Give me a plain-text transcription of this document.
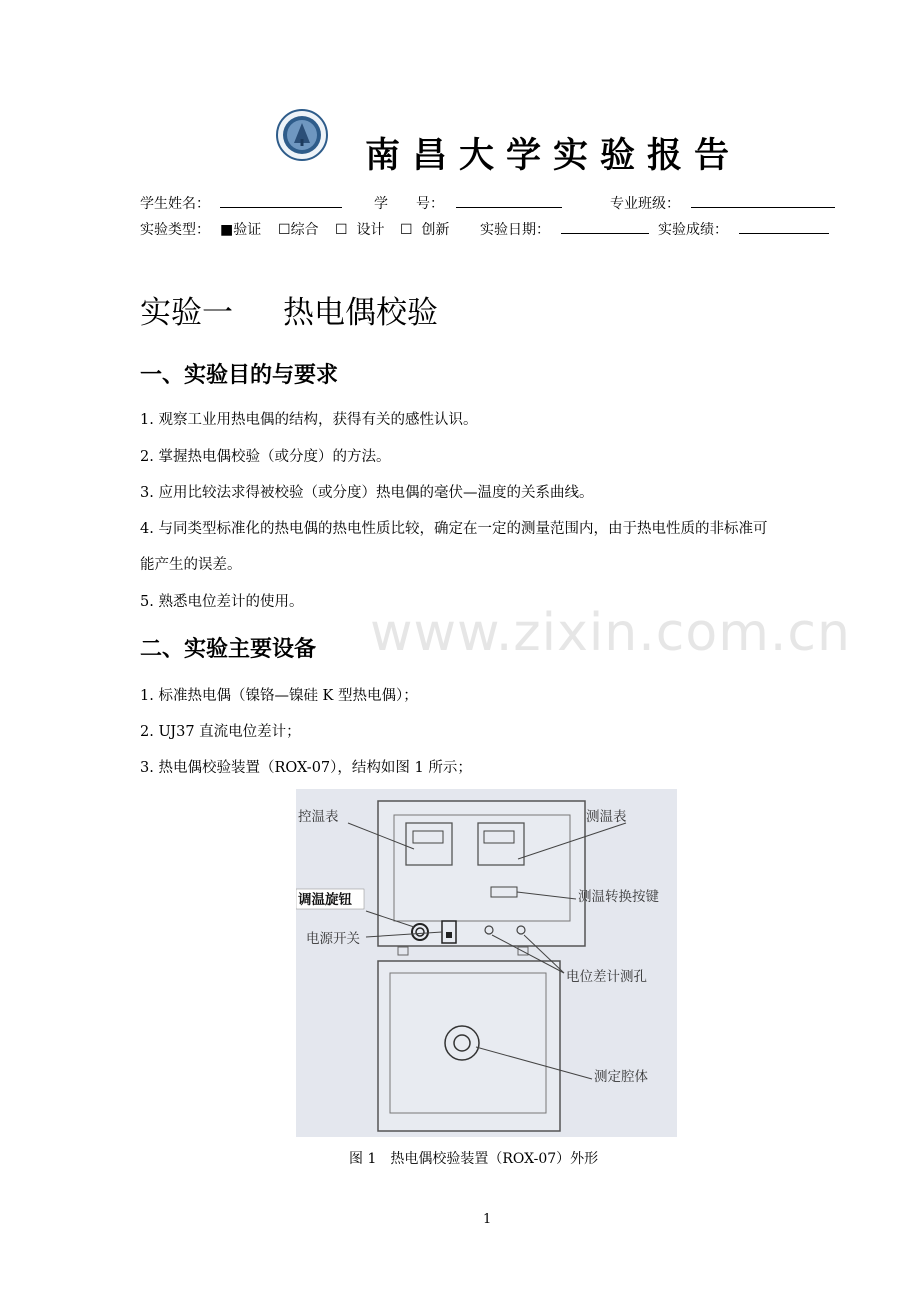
南昌大学实验报告
学生姓名：	学　　号：	专业班级：
实验类型： ■验证 ☐综合 ☐ 设计 ☐ 创新 实验日期：	实验成绩：
实验一 热电偶校验
一、实验目的与要求
1. 观察工业用热电偶的结构，获得有关的感性认识。
2. 掌握热电偶校验（或分度）的方法。
3. 应用比较法求得被校验（或分度）热电偶的毫伏—温度的关系曲线。
4. 与同类型标准化的热电偶的热电性质比较，确定在一定的测量范围内，由于热电性质的非标准可
能产生的误差。
5. 熟悉电位差计的使用。
www.zixin.com.cn
二、实验主要设备
1. 标准热电偶（镍铬—镍硅 K 型热电偶）；
2. UJ37 直流电位差计；
3. 热电偶校验装置（ROX-07），结构如图 1 所示；
控温表	测温表
调温旋钮
电源开关
测温转换按键
电位差计测孔
测定腔体
图 1　热电偶校验装置（ROX-07）外形
1
